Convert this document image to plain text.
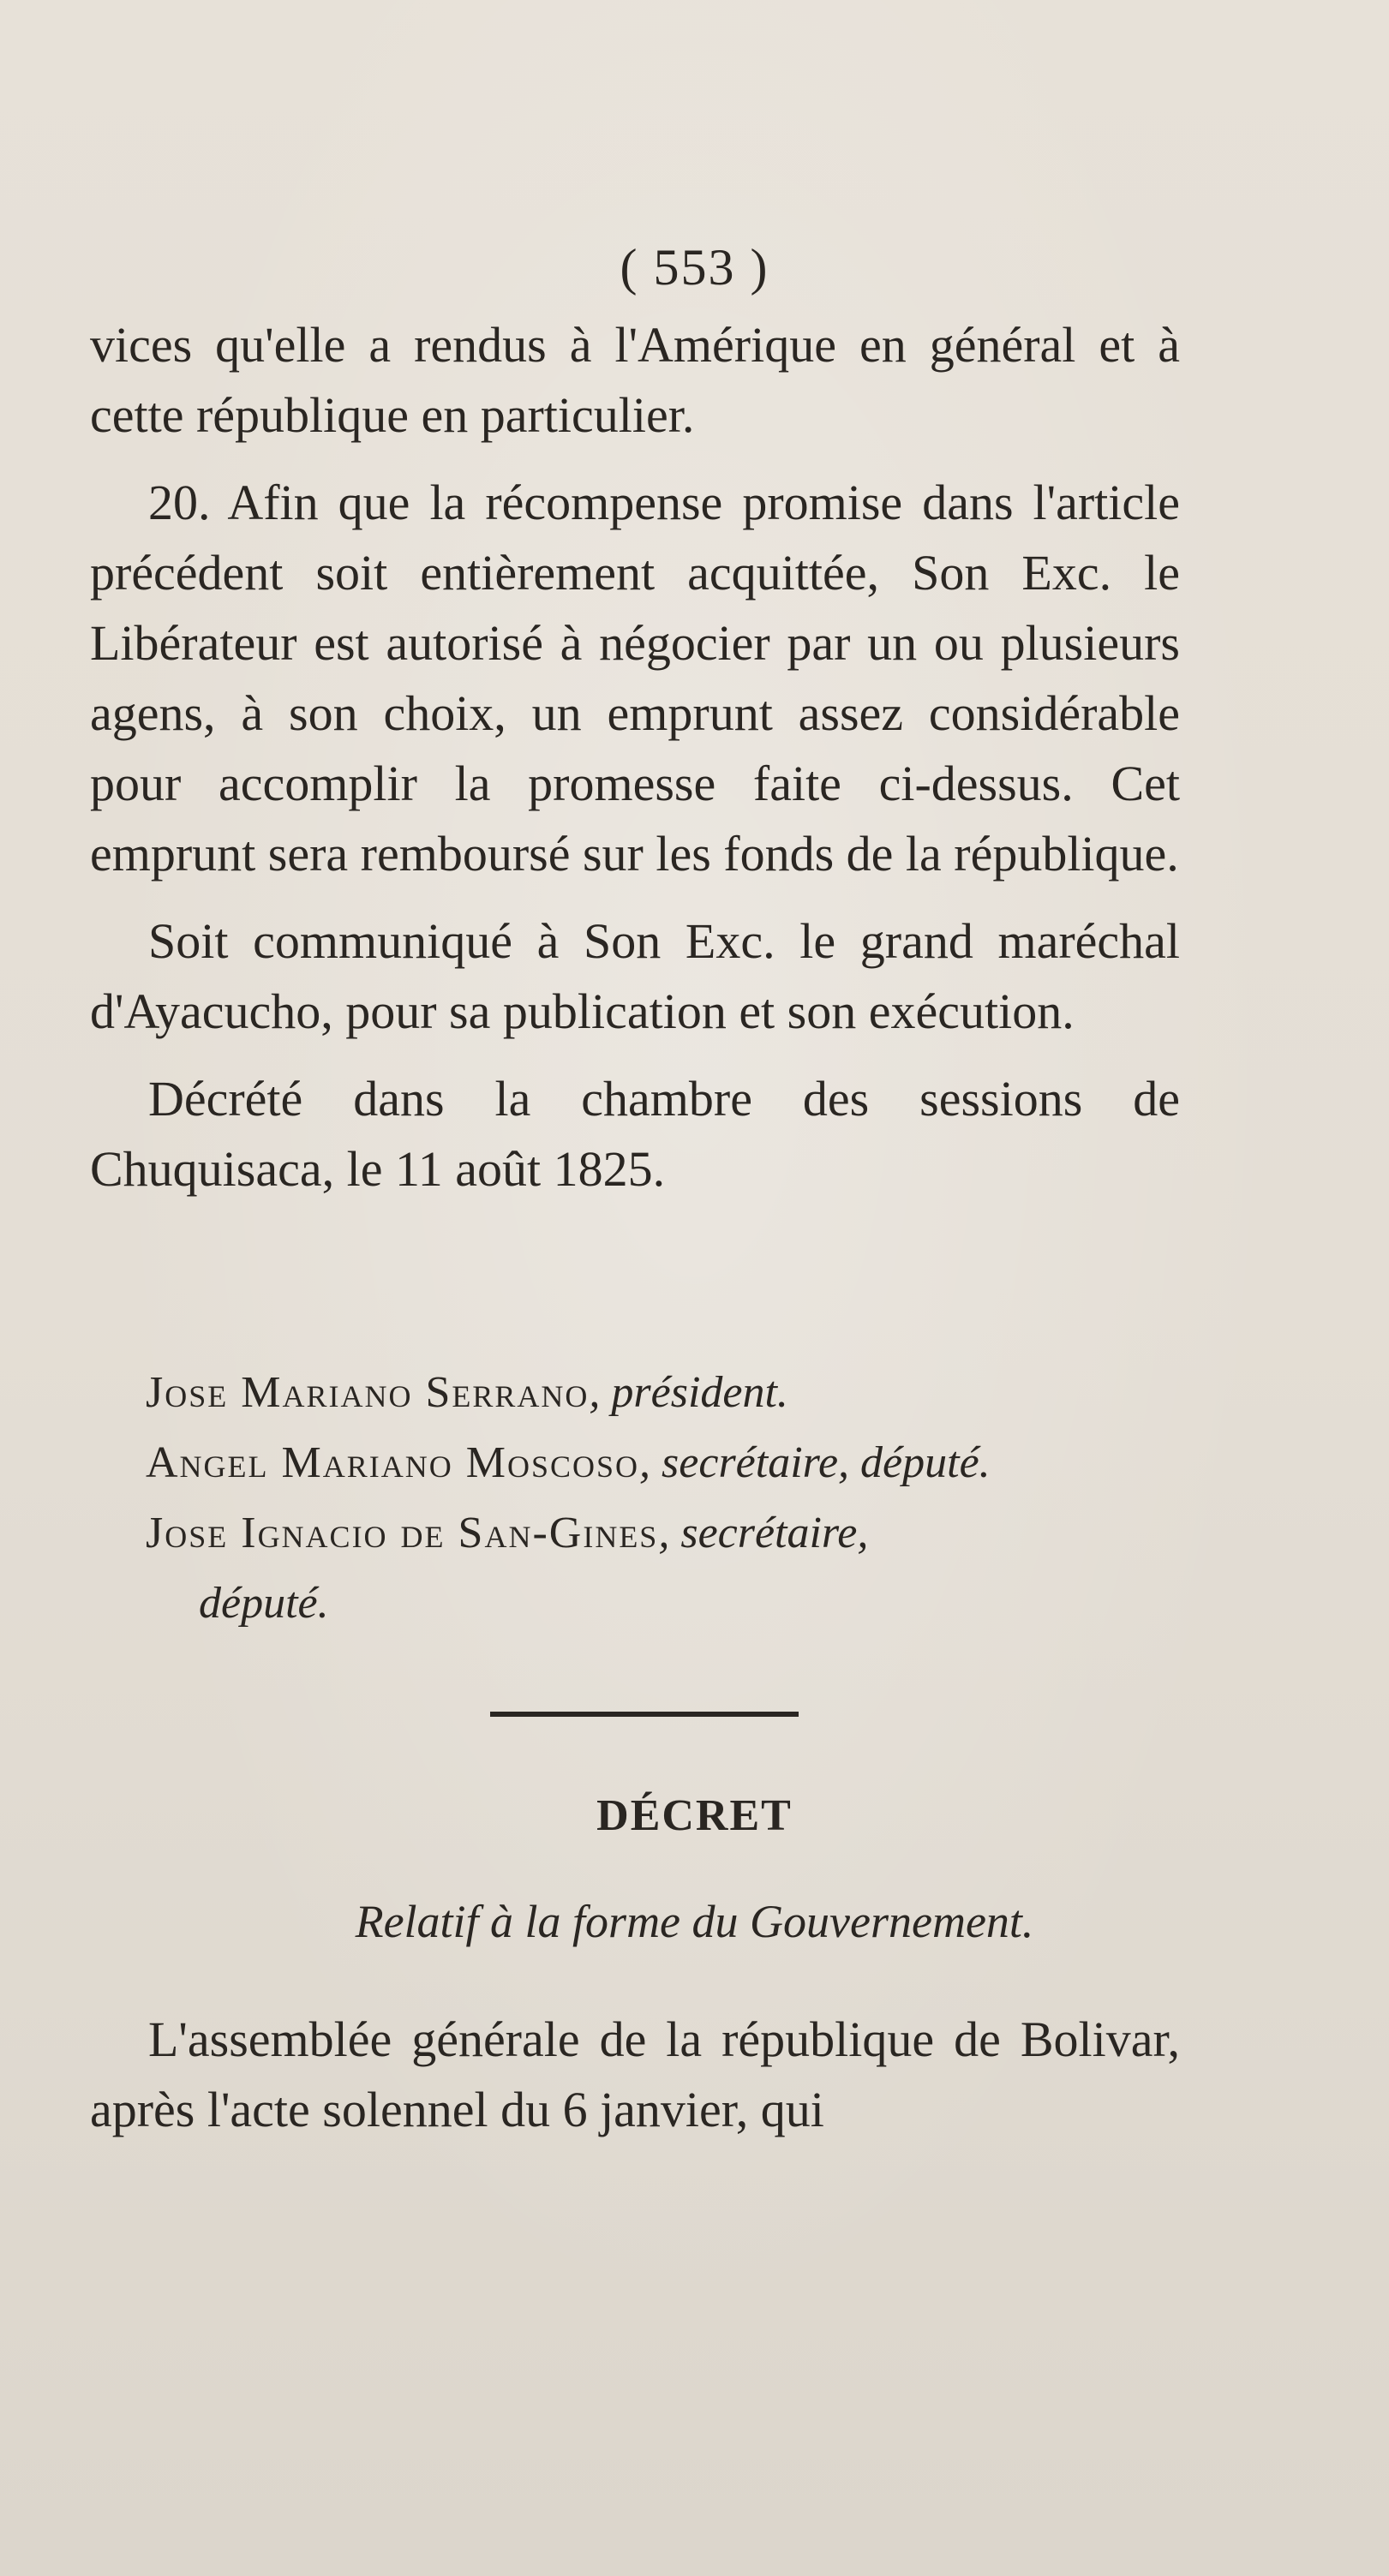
( 553 )

vices qu'elle a rendus à l'Amérique en général et à cette république en particulier.

20. Afin que la récompense promise dans l'article précédent soit entièrement acquittée, Son Exc. le Libérateur est autorisé à négocier par un ou plusieurs agens, à son choix, un emprunt assez considérable pour accomplir la promesse faite ci-dessus. Cet emprunt sera remboursé sur les fonds de la république.

Soit communiqué à Son Exc. le grand maréchal d'Ayacucho, pour sa publication et son exécution.

Décrété dans la chambre des sessions de Chuquisaca, le 11 août 1825.

Jose Mariano Serrano, président.
Angel Mariano Moscoso, secrétaire, député.
Jose Ignacio de San-Gines, secrétaire,
député.
DÉCRET
Relatif à la forme du Gouvernement.

L'assemblée générale de la république de Bolivar, après l'acte solennel du 6 janvier, qui
